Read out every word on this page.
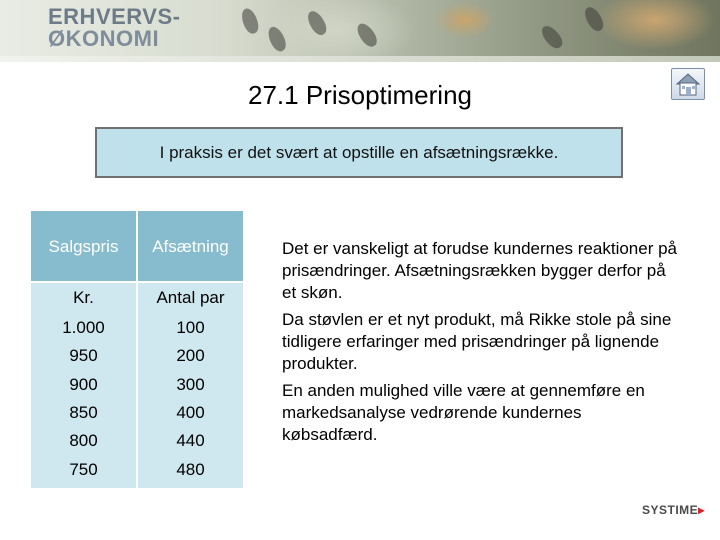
ERHVERVS-
ØKONOMI
27.1 Prisoptimering
I praksis er det svært at opstille en afsætningsrække.
Salgspris	Afsætning
Kr.	Antal par
1.000	100
950	200
900	300
850	400
800	440
750	480

Det er vanskeligt at forudse kundernes reaktioner på prisændringer. Afsætningsrækken bygger derfor på et skøn.

Da støvlen er et nyt produkt, må Rikke stole på sine tidligere erfaringer med prisændringer på lignende produkter.

En anden mulighed ville være at gennemføre en markedsanalyse vedrørende kundernes købsadfærd.

SYSTIME▸
